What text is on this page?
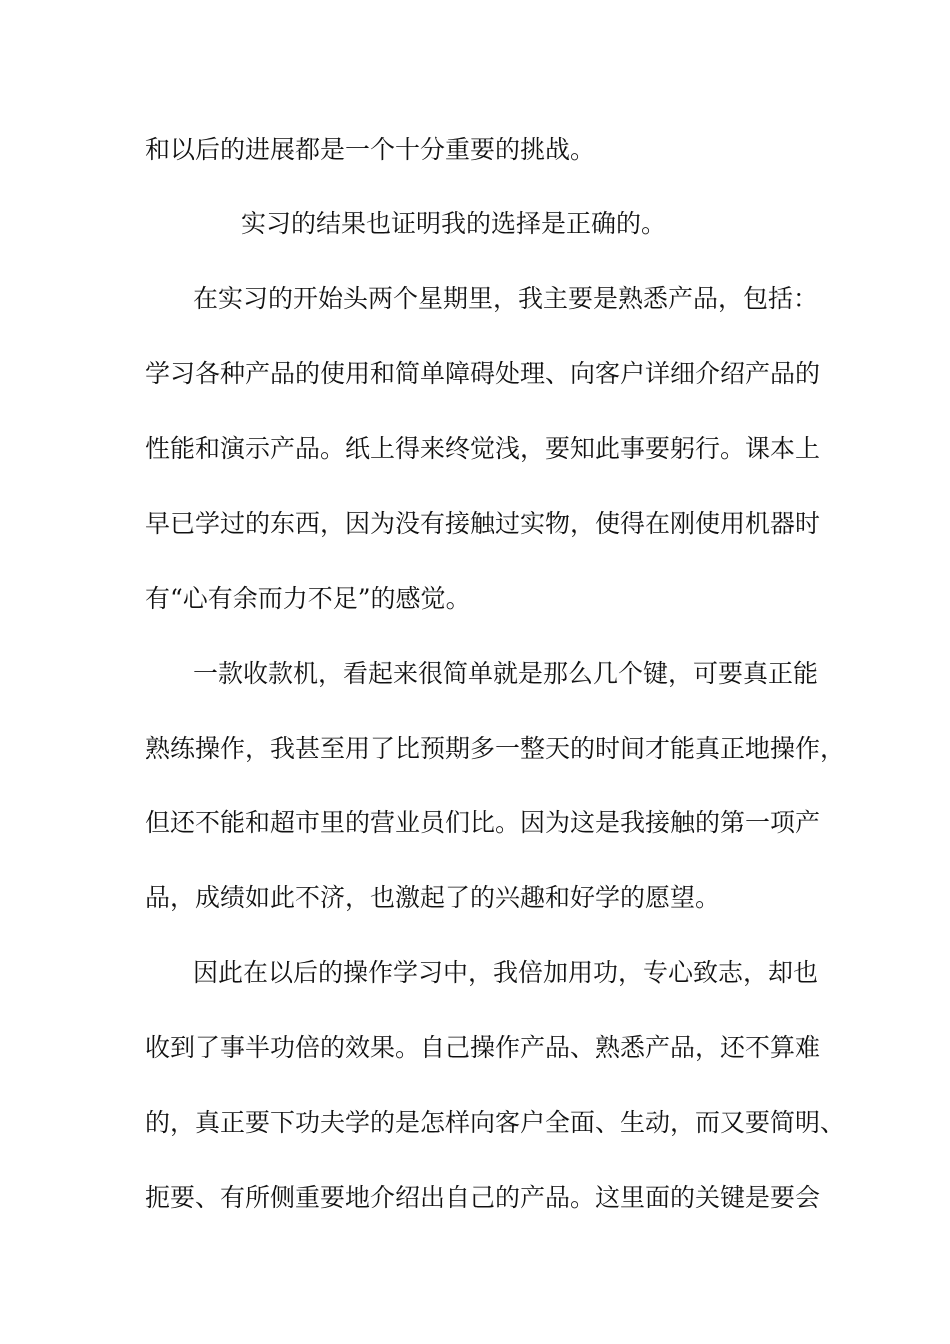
和以后的进展都是一个十分重要的挑战。

实习的结果也证明我的选择是正确的。

在实习的开始头两个星期里，我主要是熟悉产品，包括：

学习各种产品的使用和简单障碍处理、向客户详细介绍产品的

性能和演示产品。纸上得来终觉浅，要知此事要躬行。课本上

早已学过的东西，因为没有接触过实物，使得在刚使用机器时

有“心有余而力不足”的感觉。

一款收款机，看起来很简单就是那么几个键，可要真正能

熟练操作，我甚至用了比预期多一整天的时间才能真正地操作，

但还不能和超市里的营业员们比。因为这是我接触的第一项产

品，成绩如此不济，也激起了的兴趣和好学的愿望。

因此在以后的操作学习中，我倍加用功，专心致志，却也

收到了事半功倍的效果。自己操作产品、熟悉产品，还不算难

的，真正要下功夫学的是怎样向客户全面、生动，而又要简明、

扼要、有所侧重要地介绍出自己的产品。这里面的关键是要会
